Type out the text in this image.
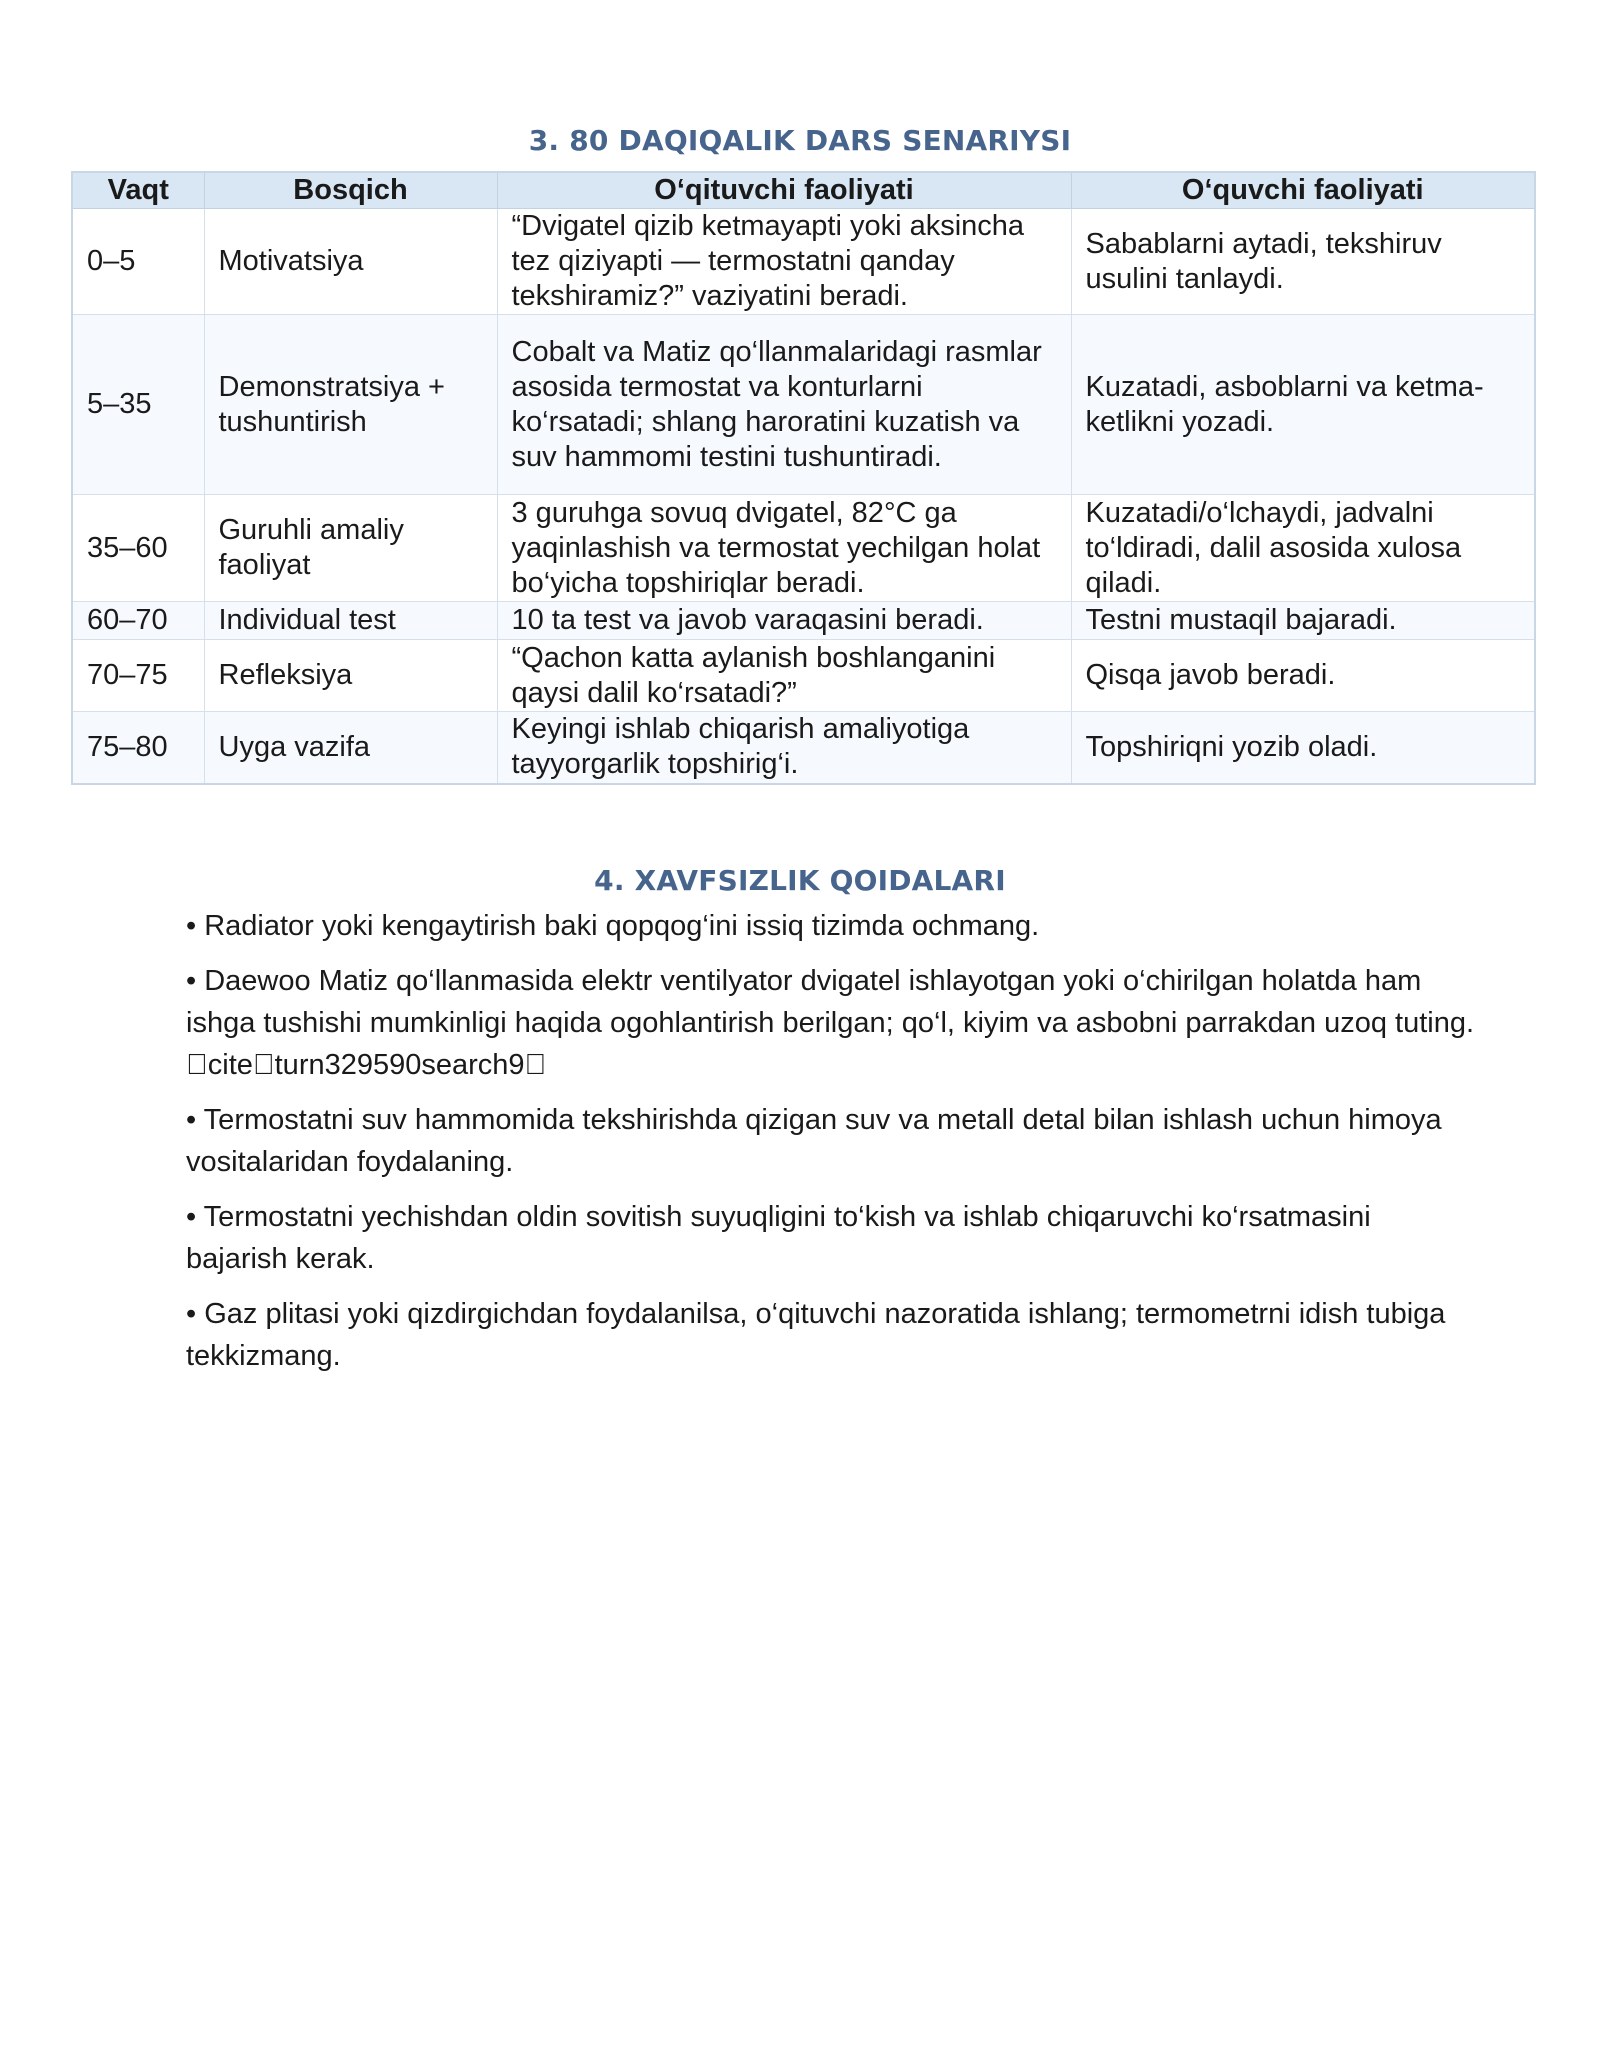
3. 80 DAQIQALIK DARS SENARIYSI
Vaqt	Bosqich	O‘qituvchi faoliyati	O‘quvchi faoliyati
0–5	Motivatsiya	“Dvigatel qizib ketmayapti yoki aksincha tez qiziyapti — termostatni qanday tekshiramiz?” vaziyatini beradi.	Sabablarni aytadi, tekshiruv usulini tanlaydi.
5–35	Demonstratsiya + tushuntirish	Cobalt va Matiz qo‘llanmalaridagi rasmlar asosida termostat va konturlarni ko‘rsatadi; shlang haroratini kuzatish va suv hammomi testini tushuntiradi.	Kuzatadi, asboblarni va ketma-ketlikni yozadi.
35–60	Guruhli amaliy faoliyat	3 guruhga sovuq dvigatel, 82°C ga yaqinlashish va termostat yechilgan holat bo‘yicha topshiriqlar beradi.	Kuzatadi/o‘lchaydi, jadvalni to‘ldiradi, dalil asosida xulosa qiladi.
60–70	Individual test	10 ta test va javob varaqasini beradi.	Testni mustaqil bajaradi.
70–75	Refleksiya	“Qachon katta aylanish boshlanganini qaysi dalil ko‘rsatadi?”	Qisqa javob beradi.
75–80	Uyga vazifa	Keyingi ishlab chiqarish amaliyotiga tayyorgarlik topshirig‘i.	Topshiriqni yozib oladi.
4. XAVFSIZLIK QOIDALARI

• Radiator yoki kengaytirish baki qopqog‘ini issiq tizimda ochmang.

• Daewoo Matiz qo‘llanmasida elektr ventilyator dvigatel ishlayotgan yoki o‘chirilgan holatda ham ishga tushishi mumkinligi haqida ogohlantirish berilgan; qo‘l, kiyim va asbobni parrakdan uzoq tuting. cite turn329590search9

• Termostatni suv hammomida tekshirishda qizigan suv va metall detal bilan ishlash uchun himoya vositalaridan foydalaning.

• Termostatni yechishdan oldin sovitish suyuqligini to‘kish va ishlab chiqaruvchi ko‘rsatmasini bajarish kerak.

• Gaz plitasi yoki qizdirgichdan foydalanilsa, o‘qituvchi nazoratida ishlang; termometrni idish tubiga tekkizmang.
